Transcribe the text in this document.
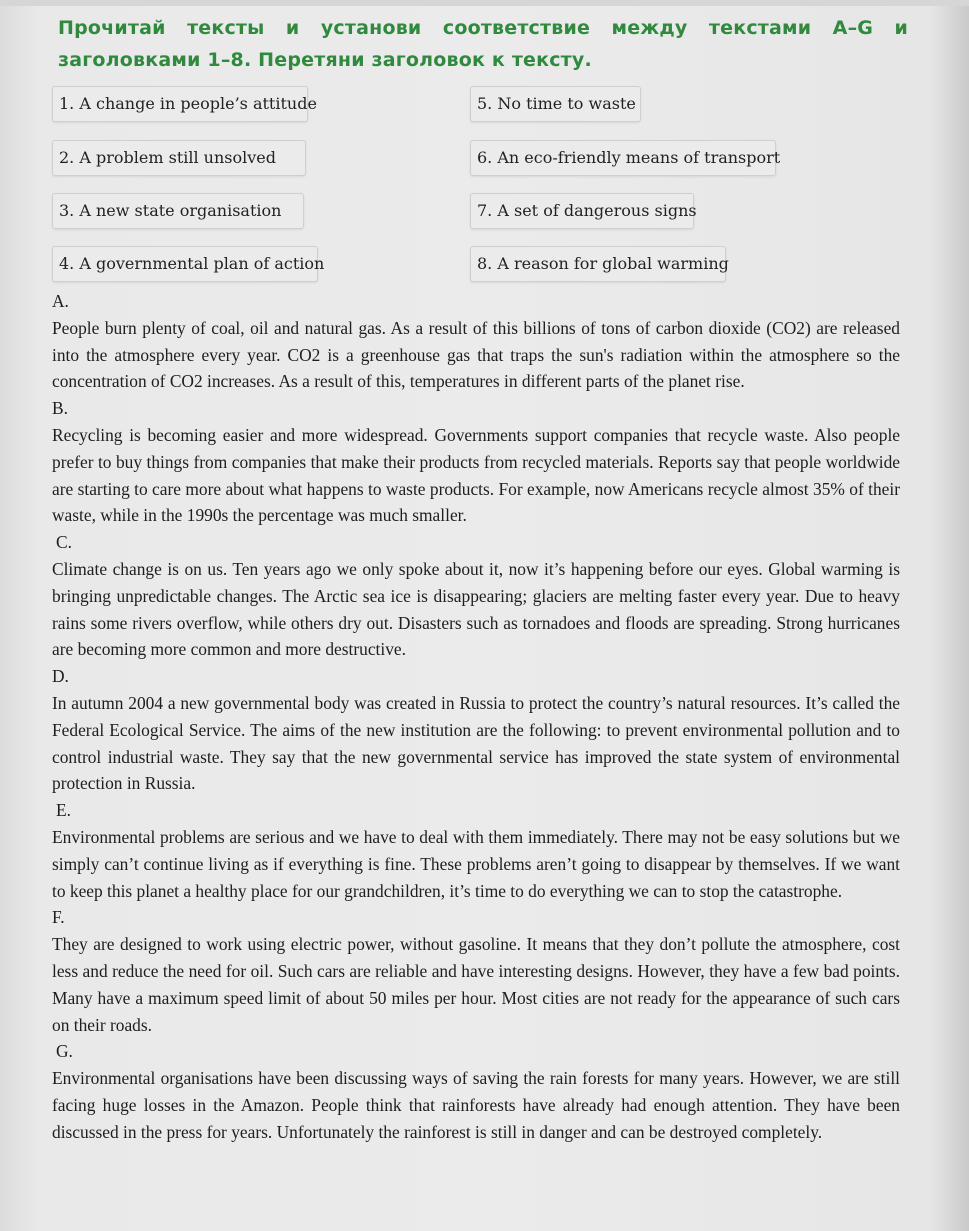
Прочитай тексты и установи соответствие между текстами A–G и заголовками 1–8. Перетяни заголовок к тексту.
1. A change in people’s attitude
2. A problem still unsolved
3. A new state organisation
4. A governmental plan of action
5. No time to waste
6. An eco-friendly means of transport
7. A set of dangerous signs
8. A reason for global warming
A.

People burn plenty of coal, oil and natural gas. As a result of this billions of tons of carbon dioxide (CO2) are released into the atmosphere every year. CO2 is a greenhouse gas that traps the sun's radiation within the atmosphere so the concentration of CO2 increases. As a result of this, temperatures in different parts of the planet rise.

B.

Recycling is becoming easier and more widespread. Governments support companies that recycle waste. Also people prefer to buy things from companies that make their products from recycled materials. Reports say that people worldwide are starting to care more about what happens to waste products. For example, now Americans recycle almost 35% of their waste, while in the 1990s the percentage was much smaller.

C.

Climate change is on us. Ten years ago we only spoke about it, now it’s happening before our eyes. Global warming is bringing unpredictable changes. The Arctic sea ice is disappearing; glaciers are melting faster every year. Due to heavy rains some rivers overflow, while others dry out. Disasters such as tornadoes and floods are spreading. Strong hurricanes are becoming more common and more destructive.

D.

In autumn 2004 a new governmental body was created in Russia to protect the country’s natural resources. It’s called the Federal Ecological Service. The aims of the new institution are the following: to prevent environmental pollution and to control industrial waste. They say that the new governmental service has improved the state system of environmental protection in Russia.

E.

Environmental problems are serious and we have to deal with them immediately. There may not be easy solutions but we simply can’t continue living as if everything is fine. These problems aren’t going to disappear by themselves. If we want to keep this planet a healthy place for our grandchildren, it’s time to do everything we can to stop the catastrophe.

F.

They are designed to work using electric power, without gasoline. It means that they don’t pollute the atmosphere, cost less and reduce the need for oil. Such cars are reliable and have interesting designs. However, they have a few bad points. Many have a maximum speed limit of about 50 miles per hour. Most cities are not ready for the appearance of such cars on their roads.

G.

Environmental organisations have been discussing ways of saving the rain forests for many years. However, we are still facing huge losses in the Amazon. People think that rainforests have already had enough attention. They have been discussed in the press for years. Unfortunately the rainforest is still in danger and can be destroyed completely.
